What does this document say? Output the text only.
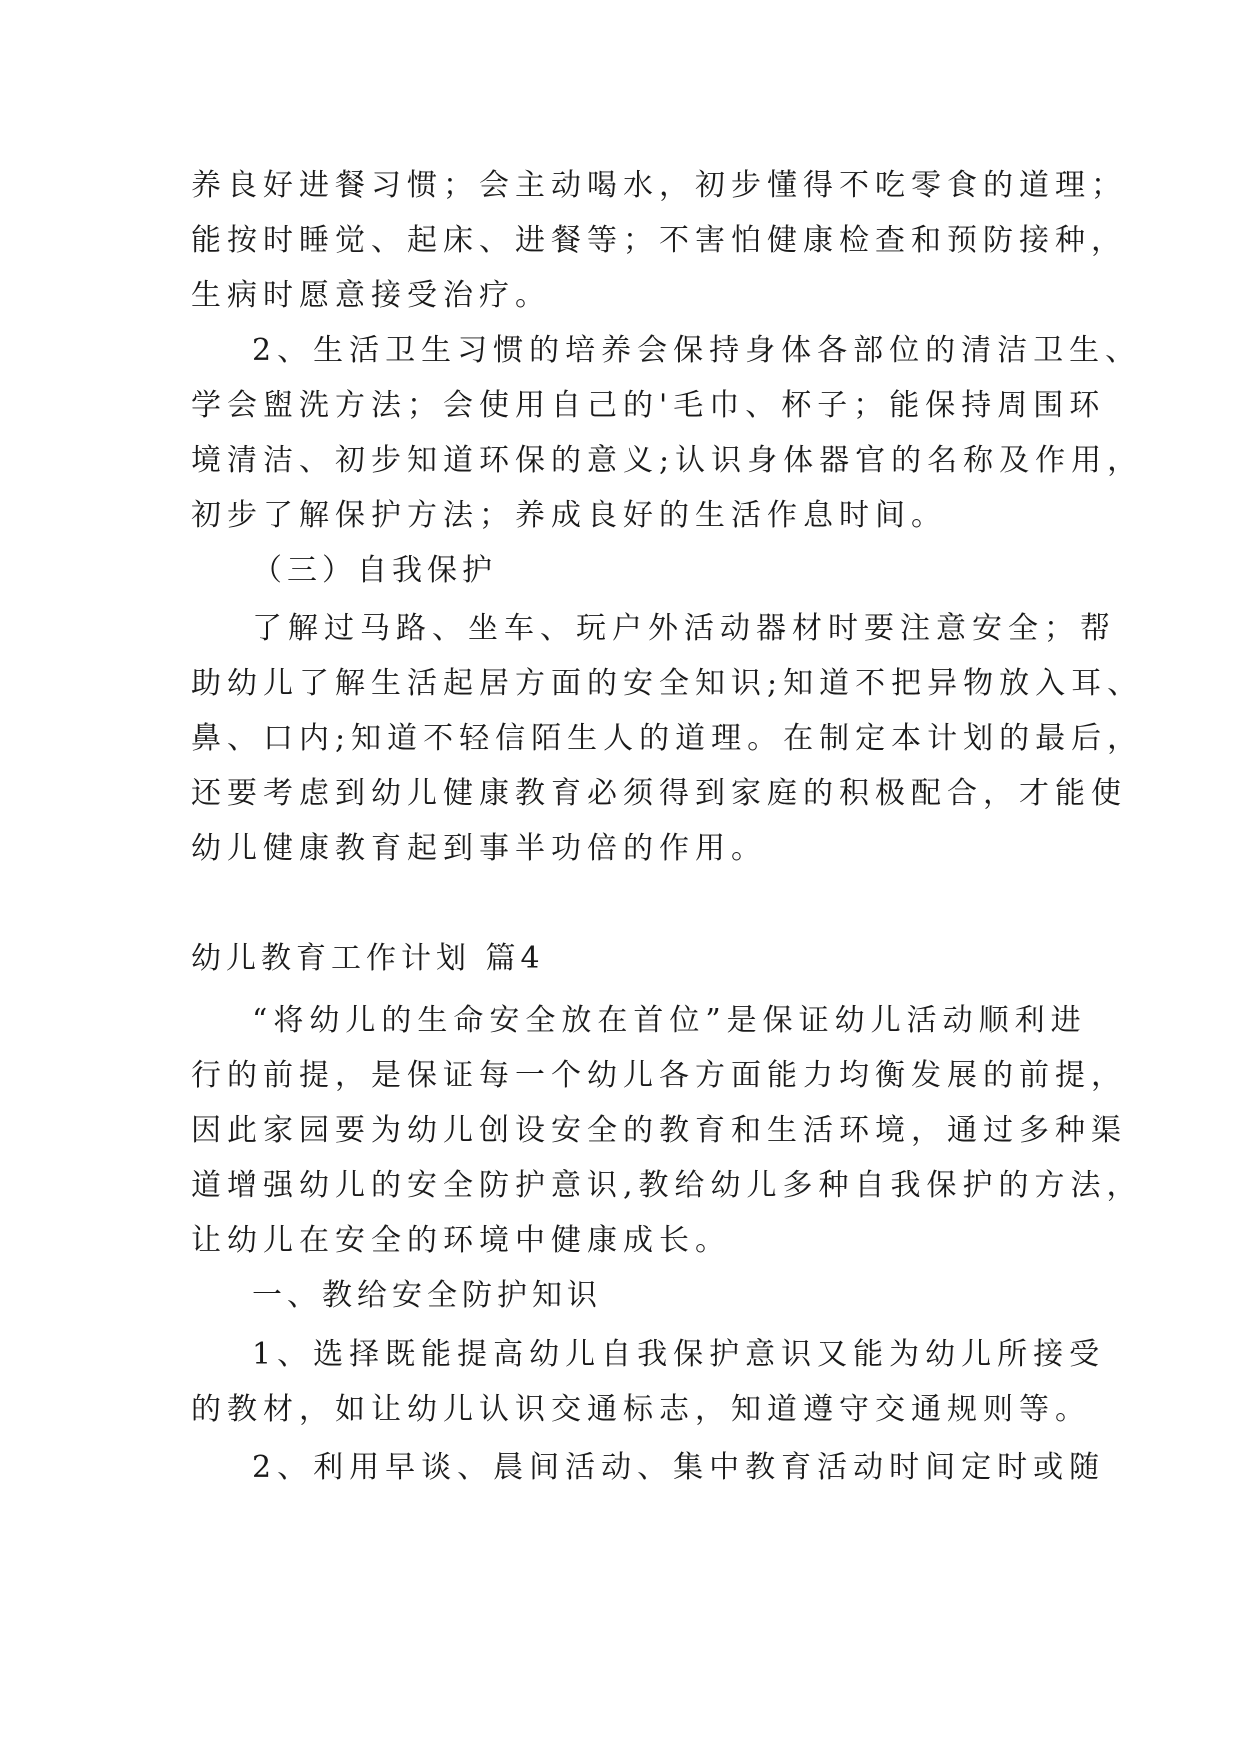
养良好进餐习惯；会主动喝水，初步懂得不吃零食的道理；
能按时睡觉、起床、进餐等；不害怕健康检查和预防接种，
生病时愿意接受治疗。
2、生活卫生习惯的培养会保持身体各部位的清洁卫生、
学会盥洗方法；会使用自己的'毛巾、杯子；能保持周围环
境清洁、初步知道环保的意义;认识身体器官的名称及作用，
初步了解保护方法；养成良好的生活作息时间。
（三）自我保护
了解过马路、坐车、玩户外活动器材时要注意安全；帮
助幼儿了解生活起居方面的安全知识;知道不把异物放入耳、
鼻、口内;知道不轻信陌生人的道理。在制定本计划的最后，
还要考虑到幼儿健康教育必须得到家庭的积极配合，才能使
幼儿健康教育起到事半功倍的作用。
幼儿教育工作计划 篇4
“将幼儿的生命安全放在首位”是保证幼儿活动顺利进
行的前提，是保证每一个幼儿各方面能力均衡发展的前提，
因此家园要为幼儿创设安全的教育和生活环境，通过多种渠
道增强幼儿的安全防护意识,教给幼儿多种自我保护的方法，
让幼儿在安全的环境中健康成长。
一、教给安全防护知识
1、选择既能提高幼儿自我保护意识又能为幼儿所接受
的教材，如让幼儿认识交通标志，知道遵守交通规则等。
2、利用早谈、晨间活动、集中教育活动时间定时或随
